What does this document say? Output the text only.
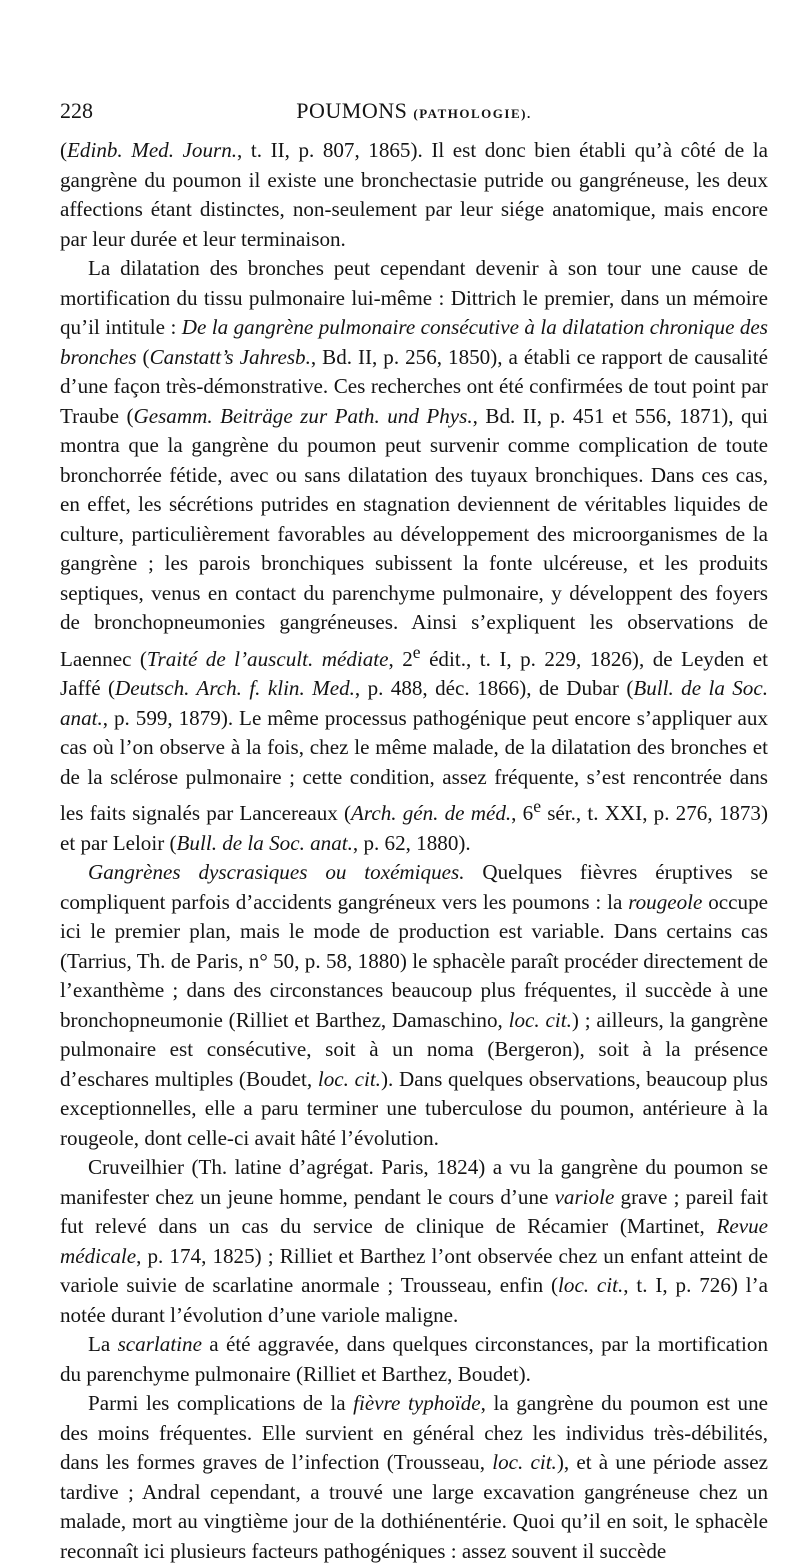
228	POUMONS (PATHOLOGIE).

(Edinb. Med. Journ., t. II, p. 807, 1865). Il est donc bien établi qu’à côté de la gangrène du poumon il existe une bronchectasie putride ou gangréneuse, les deux affections étant distinctes, non-seulement par leur siége anatomique, mais encore par leur durée et leur terminaison.

La dilatation des bronches peut cependant devenir à son tour une cause de mortification du tissu pulmonaire lui-même : Dittrich le premier, dans un mémoire qu’il intitule : De la gangrène pulmonaire consécutive à la dilatation chronique des bronches (Canstatt’s Jahresb., Bd. II, p. 256, 1850), a établi ce rapport de causalité d’une façon très-démonstrative. Ces recherches ont été confirmées de tout point par Traube (Gesamm. Beiträge zur Path. und Phys., Bd. II, p. 451 et 556, 1871), qui montra que la gangrène du poumon peut survenir comme complication de toute bronchorrée fétide, avec ou sans dilatation des tuyaux bronchiques. Dans ces cas, en effet, les sécrétions putrides en stagnation deviennent de véritables liquides de culture, particulièrement favorables au développement des microorganismes de la gangrène ; les parois bronchiques subissent la fonte ulcéreuse, et les produits septiques, venus en contact du parenchyme pulmonaire, y développent des foyers de bronchopneumonies gangréneuses. Ainsi s’expliquent les observations de Laennec (Traité de l’auscult. médiate, 2e édit., t. I, p. 229, 1826), de Leyden et Jaffé (Deutsch. Arch. f. klin. Med., p. 488, déc. 1866), de Dubar (Bull. de la Soc. anat., p. 599, 1879). Le même processus pathogénique peut encore s’appliquer aux cas où l’on observe à la fois, chez le même malade, de la dilatation des bronches et de la sclérose pulmonaire ; cette condition, assez fréquente, s’est rencontrée dans les faits signalés par Lancereaux (Arch. gén. de méd., 6e sér., t. XXI, p. 276, 1873) et par Leloir (Bull. de la Soc. anat., p. 62, 1880).

Gangrènes dyscrasiques ou toxémiques. Quelques fièvres éruptives se compliquent parfois d’accidents gangréneux vers les poumons : la rougeole occupe ici le premier plan, mais le mode de production est variable. Dans certains cas (Tarrius, Th. de Paris, n° 50, p. 58, 1880) le sphacèle paraît procéder directement de l’exanthème ; dans des circonstances beaucoup plus fréquentes, il succède à une bronchopneumonie (Rilliet et Barthez, Damaschino, loc. cit.) ; ailleurs, la gangrène pulmonaire est consécutive, soit à un noma (Bergeron), soit à la présence d’eschares multiples (Boudet, loc. cit.). Dans quelques observations, beaucoup plus exceptionnelles, elle a paru terminer une tuberculose du poumon, antérieure à la rougeole, dont celle-ci avait hâté l’évolution.

Cruveilhier (Th. latine d’agrégat. Paris, 1824) a vu la gangrène du poumon se manifester chez un jeune homme, pendant le cours d’une variole grave ; pareil fait fut relevé dans un cas du service de clinique de Récamier (Martinet, Revue médicale, p. 174, 1825) ; Rilliet et Barthez l’ont observée chez un enfant atteint de variole suivie de scarlatine anormale ; Trousseau, enfin (loc. cit., t. I, p. 726) l’a notée durant l’évolution d’une variole maligne.

La scarlatine a été aggravée, dans quelques circonstances, par la mortification du parenchyme pulmonaire (Rilliet et Barthez, Boudet).

Parmi les complications de la fièvre typhoïde, la gangrène du poumon est une des moins fréquentes. Elle survient en général chez les individus très-débilités, dans les formes graves de l’infection (Trousseau, loc. cit.), et à une période assez tardive ; Andral cependant, a trouvé une large excavation gangréneuse chez un malade, mort au vingtième jour de la dothiénentérie. Quoi qu’il en soit, le sphacèle reconnaît ici plusieurs facteurs pathogéniques : assez souvent il succède
